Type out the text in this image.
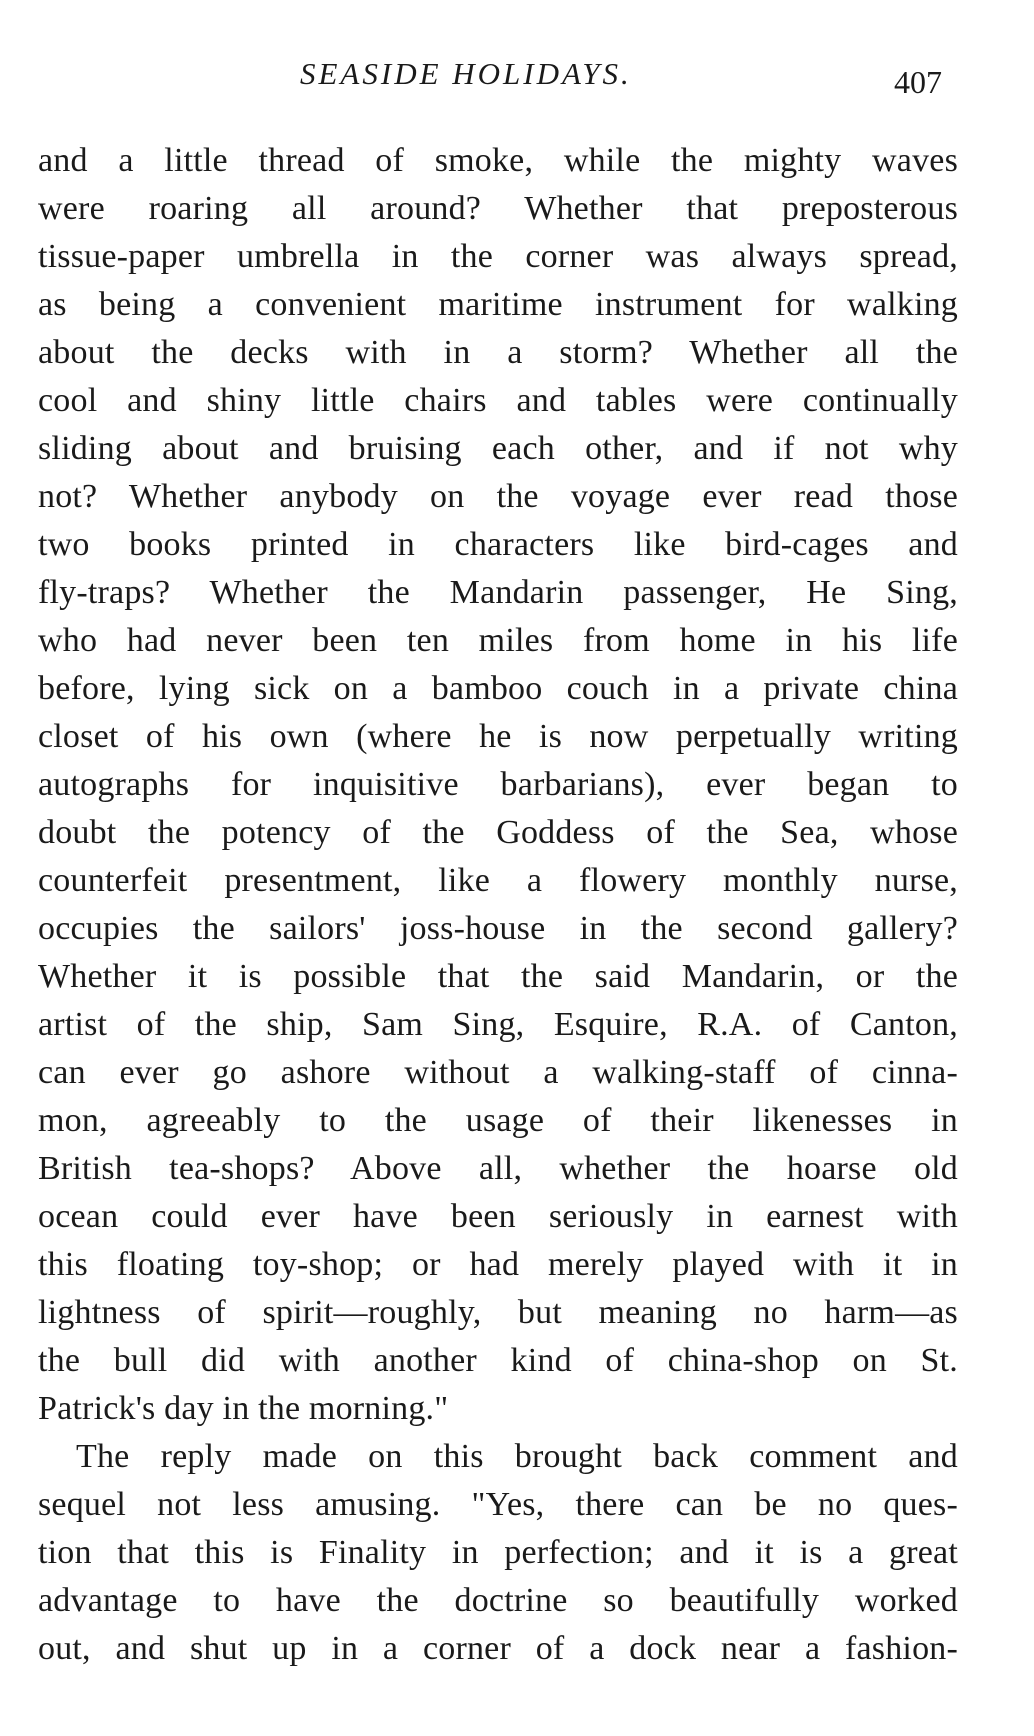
SEASIDE HOLIDAYS.	407
and a little thread of smoke, while the mighty waves
were roaring all around? Whether that preposterous
tissue-paper umbrella in the corner was always spread,
as being a convenient maritime instrument for walking
about the decks with in a storm? Whether all the
cool and shiny little chairs and tables were continually
sliding about and bruising each other, and if not why
not? Whether anybody on the voyage ever read those
two books printed in characters like bird-cages and
fly-traps? Whether the Mandarin passenger, He Sing,
who had never been ten miles from home in his life
before, lying sick on a bamboo couch in a private china
closet of his own (where he is now perpetually writing
autographs for inquisitive barbarians), ever began to
doubt the potency of the Goddess of the Sea, whose
counterfeit presentment, like a flowery monthly nurse,
occupies the sailors' joss-house in the second gallery?
Whether it is possible that the said Mandarin, or the
artist of the ship, Sam Sing, Esquire, R.A. of Canton,
can ever go ashore without a walking-staff of cinna-
mon, agreeably to the usage of their likenesses in
British tea-shops? Above all, whether the hoarse old
ocean could ever have been seriously in earnest with
this floating toy-shop; or had merely played with it in
lightness of spirit—roughly, but meaning no harm—as
the bull did with another kind of china-shop on St.
Patrick's day in the morning."
The reply made on this brought back comment and
sequel not less amusing. "Yes, there can be no ques-
tion that this is Finality in perfection; and it is a great
advantage to have the doctrine so beautifully worked
out, and shut up in a corner of a dock near a fashion-
